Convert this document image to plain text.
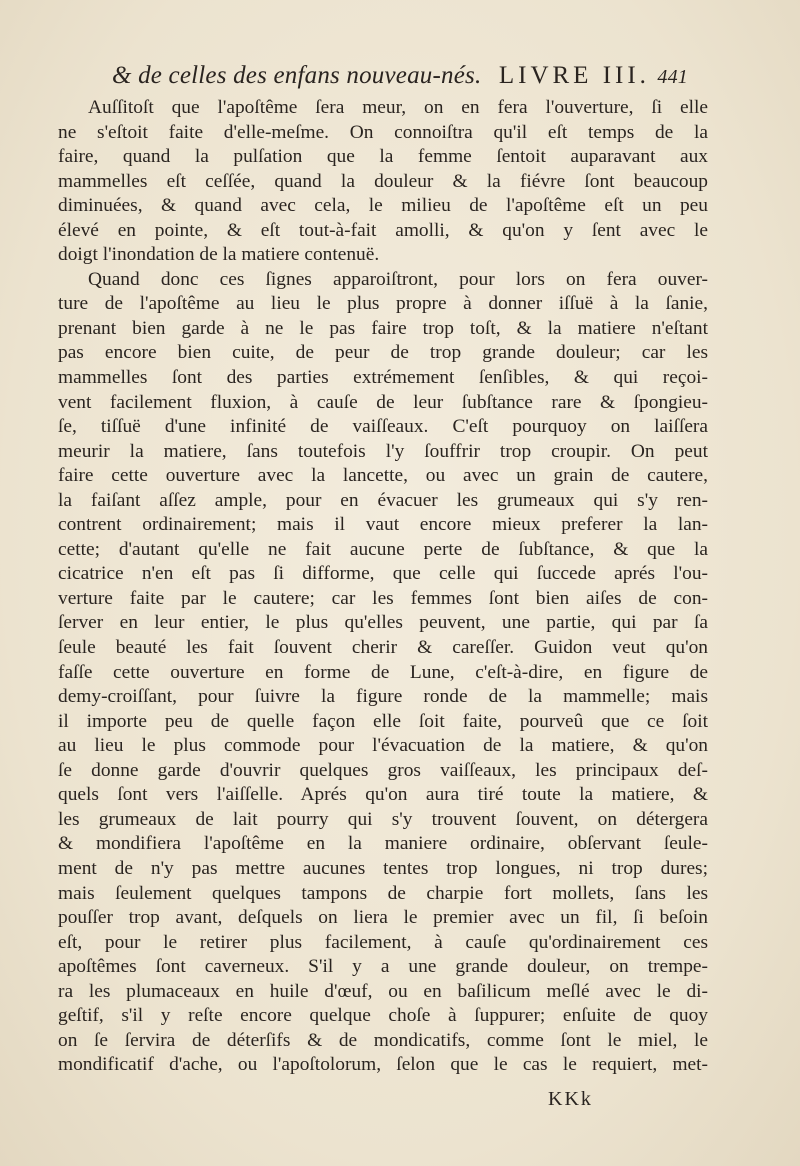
& de celles des enfans nouveau-nés. LIVRE III. 441
Auſſitoſt que l'apoſtême ſera meur, on en fera l'ouverture, ſi elle
ne s'eſtoit faite d'elle-meſme. On connoiſtra qu'il eſt temps de la
faire, quand la pulſation que la femme ſentoit auparavant aux
mammelles eſt ceſſée, quand la douleur & la fiévre ſont beaucoup
diminuées, & quand avec cela, le milieu de l'apoſtême eſt un peu
élevé en pointe, & eſt tout-à-fait amolli, & qu'on y ſent avec le
doigt l'inondation de la matiere contenuë.
Quand donc ces ſignes apparoiſtront, pour lors on fera ouver-
ture de l'apoſtême au lieu le plus propre à donner iſſuë à la ſanie,
prenant bien garde à ne le pas faire trop toſt, & la matiere n'eſtant
pas encore bien cuite, de peur de trop grande douleur; car les
mammelles ſont des parties extrémement ſenſibles, & qui reçoi-
vent facilement fluxion, à cauſe de leur ſubſtance rare & ſpongieu-
ſe, tiſſuë d'une infinité de vaiſſeaux. C'eſt pourquoy on laiſſera
meurir la matiere, ſans toutefois l'y ſouffrir trop croupir. On peut
faire cette ouverture avec la lancette, ou avec un grain de cautere,
la faiſant aſſez ample, pour en évacuer les grumeaux qui s'y ren-
contrent ordinairement; mais il vaut encore mieux preferer la lan-
cette; d'autant qu'elle ne fait aucune perte de ſubſtance, & que la
cicatrice n'en eſt pas ſi difforme, que celle qui ſuccede aprés l'ou-
verture faite par le cautere; car les femmes ſont bien aiſes de con-
ſerver en leur entier, le plus qu'elles peuvent, une partie, qui par ſa
ſeule beauté les fait ſouvent cherir & careſſer. Guidon veut qu'on
faſſe cette ouverture en forme de Lune, c'eſt-à-dire, en figure de
demy-croiſſant, pour ſuivre la figure ronde de la mammelle; mais
il importe peu de quelle façon elle ſoit faite, pourveû que ce ſoit
au lieu le plus commode pour l'évacuation de la matiere, & qu'on
ſe donne garde d'ouvrir quelques gros vaiſſeaux, les principaux deſ-
quels ſont vers l'aiſſelle. Aprés qu'on aura tiré toute la matiere, &
les grumeaux de lait pourry qui s'y trouvent ſouvent, on détergera
& mondifiera l'apoſtême en la maniere ordinaire, obſervant ſeule-
ment de n'y pas mettre aucunes tentes trop longues, ni trop dures;
mais ſeulement quelques tampons de charpie fort mollets, ſans les
pouſſer trop avant, deſquels on liera le premier avec un fil, ſi beſoin
eſt, pour le retirer plus facilement, à cauſe qu'ordinairement ces
apoſtêmes ſont caverneux. S'il y a une grande douleur, on trempe-
ra les plumaceaux en huile d'œuf, ou en baſilicum meſlé avec le di-
geſtif, s'il y reſte encore quelque choſe à ſuppurer; enſuite de quoy
on ſe ſervira de déterſifs & de mondicatifs, comme ſont le miel, le
mondificatif d'ache, ou l'apoſtolorum, ſelon que le cas le requiert, met-
KKk
